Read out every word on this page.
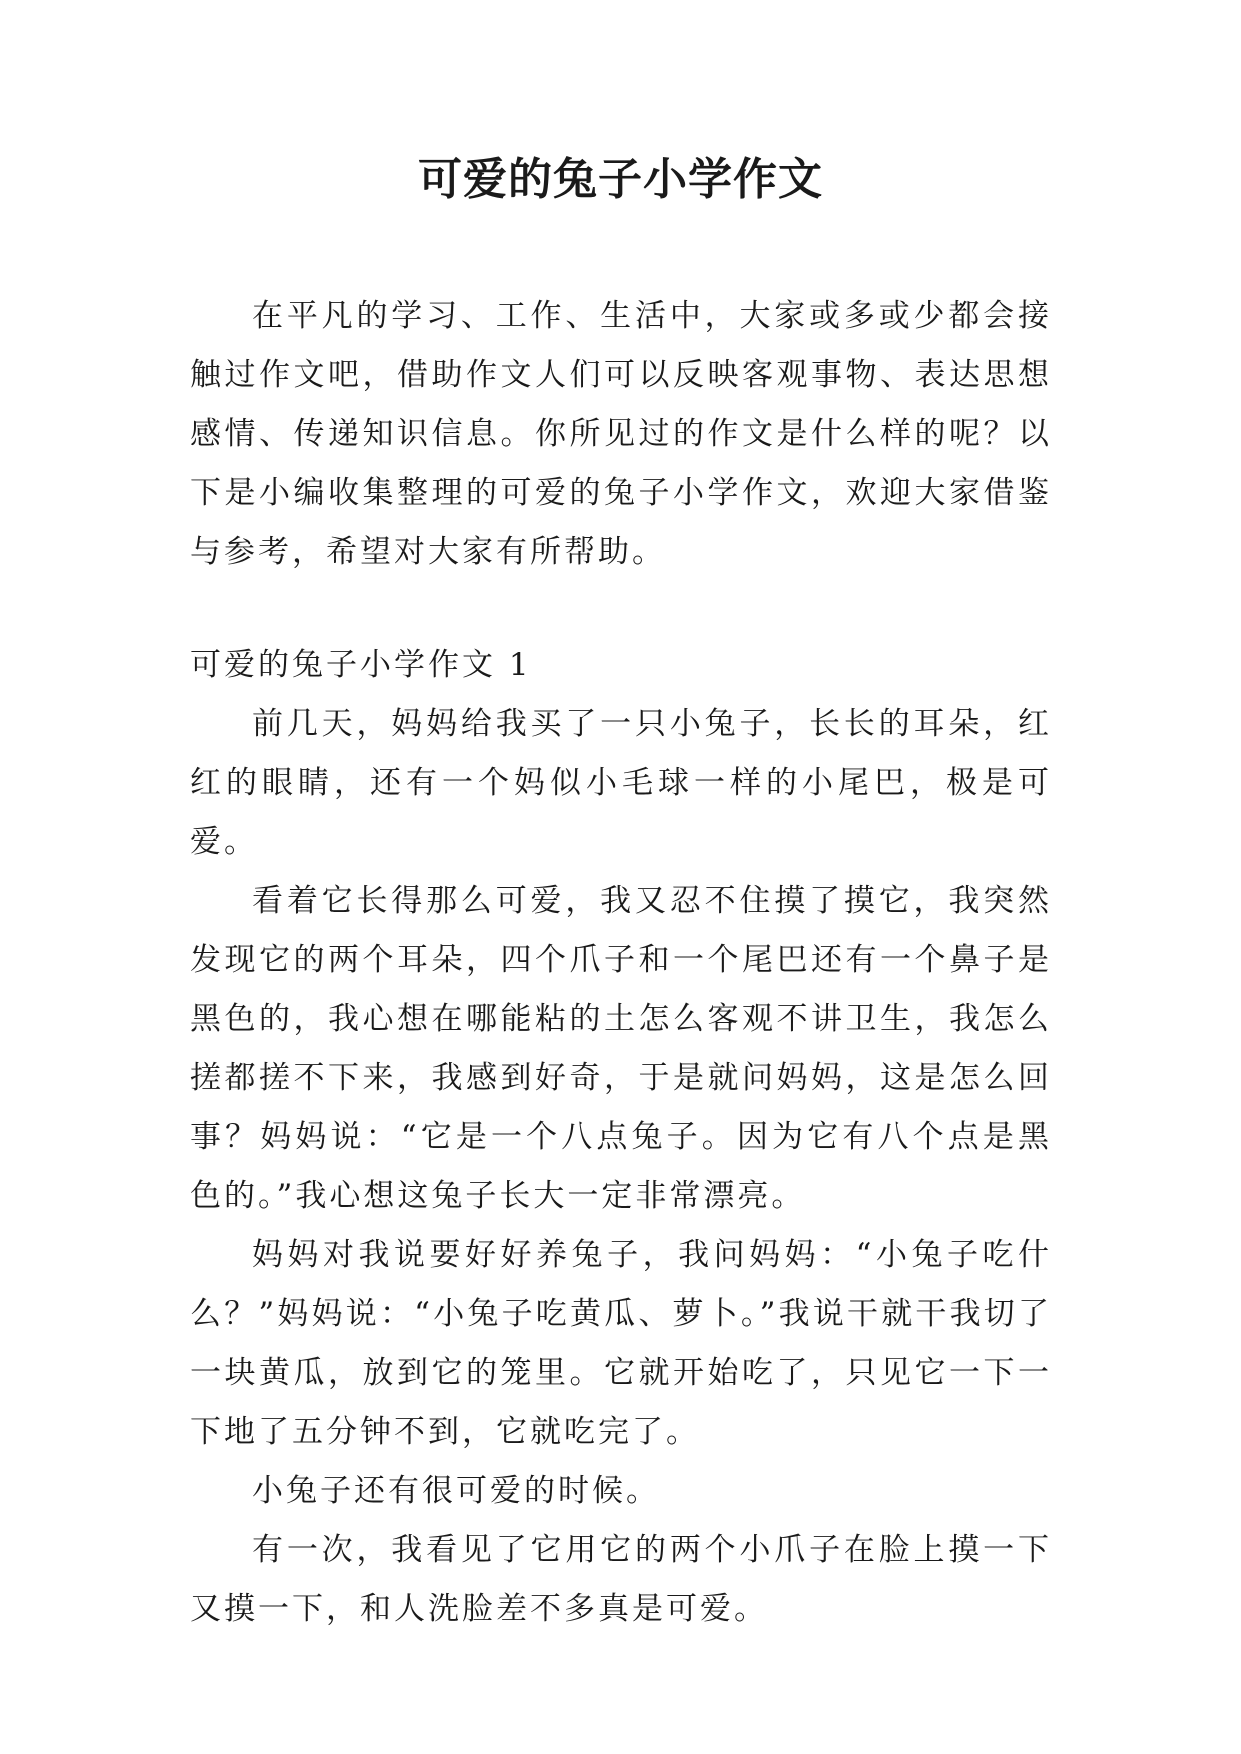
可爱的兔子小学作文

在平凡的学习、工作、生活中，大家或多或少都会接触过作文吧，借助作文人们可以反映客观事物、表达思想感情、传递知识信息。你所见过的作文是什么样的呢？以下是小编收集整理的可爱的兔子小学作文，欢迎大家借鉴与参考，希望对大家有所帮助。

可爱的兔子小学作文 1

前几天，妈妈给我买了一只小兔子，长长的耳朵，红红的眼睛，还有一个妈似小毛球一样的小尾巴，极是可爱。

看着它长得那么可爱，我又忍不住摸了摸它，我突然发现它的两个耳朵，四个爪子和一个尾巴还有一个鼻子是黑色的，我心想在哪能粘的土怎么客观不讲卫生，我怎么搓都搓不下来，我感到好奇，于是就问妈妈，这是怎么回事？妈妈说：“它是一个八点兔子。因为它有八个点是黑色的。”我心想这兔子长大一定非常漂亮。

妈妈对我说要好好养兔子，我问妈妈：“小兔子吃什么？”妈妈说：“小兔子吃黄瓜、萝卜。”我说干就干我切了一块黄瓜，放到它的笼里。它就开始吃了，只见它一下一下地了五分钟不到，它就吃完了。

小兔子还有很可爱的时候。

有一次，我看见了它用它的两个小爪子在脸上摸一下又摸一下，和人洗脸差不多真是可爱。
